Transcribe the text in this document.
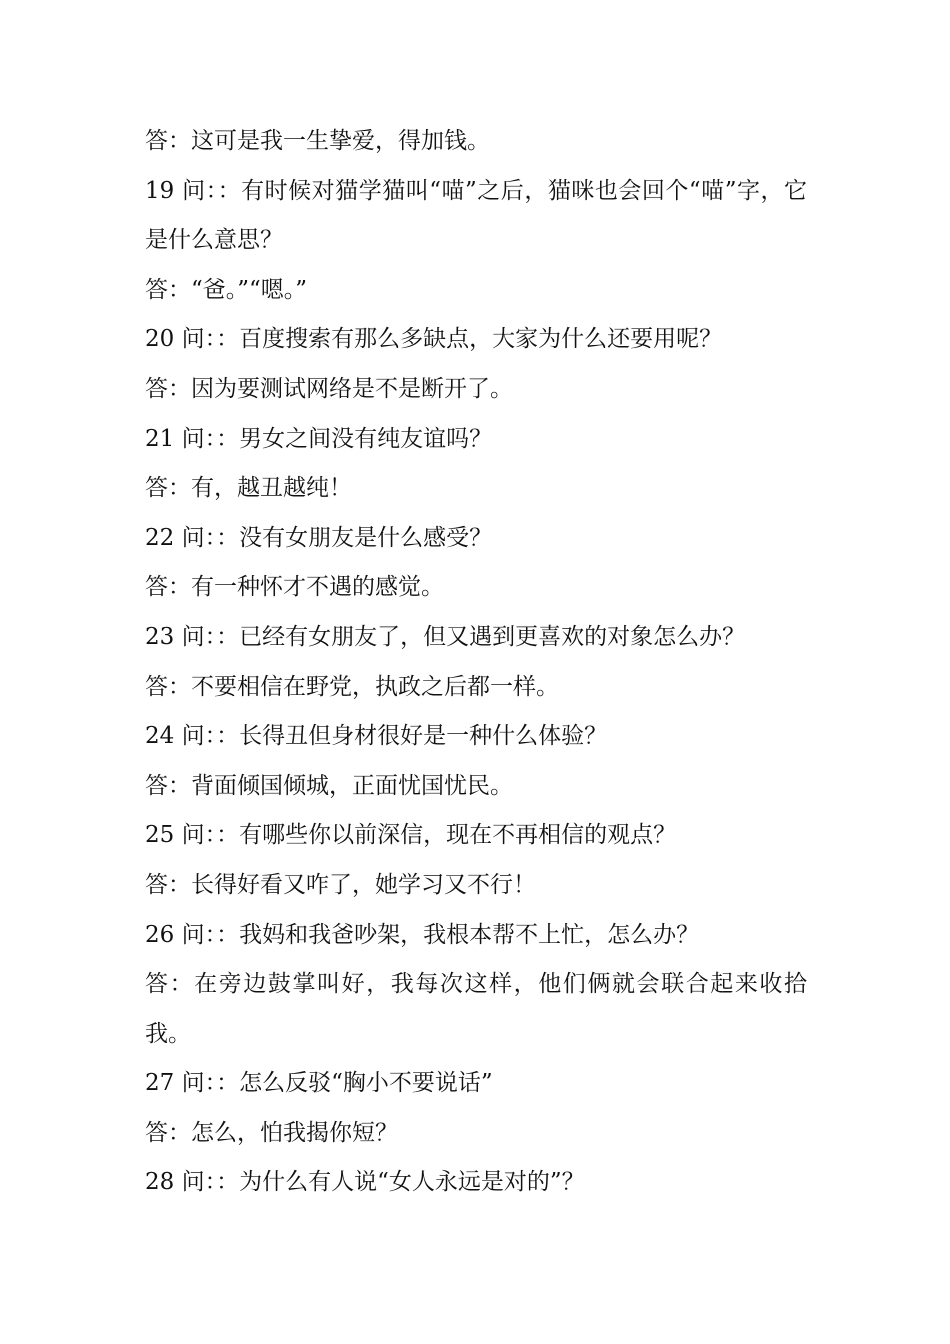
答：这可是我一生挚爱，得加钱。

19 问：：有时候对猫学猫叫“喵”之后，猫咪也会回个“喵”字，它是什么意思？

答：“爸。”“嗯。”

20 问：：百度搜索有那么多缺点，大家为什么还要用呢？

答：因为要测试网络是不是断开了。

21 问：：男女之间没有纯友谊吗？

答：有，越丑越纯！

22 问：：没有女朋友是什么感受？

答：有一种怀才不遇的感觉。

23 问：：已经有女朋友了，但又遇到更喜欢的对象怎么办？

答：不要相信在野党，执政之后都一样。

24 问：：长得丑但身材很好是一种什么体验？

答：背面倾国倾城，正面忧国忧民。

25 问：：有哪些你以前深信，现在不再相信的观点？

答：长得好看又咋了，她学习又不行！

26 问：：我妈和我爸吵架，我根本帮不上忙，怎么办？

答：在旁边鼓掌叫好，我每次这样，他们俩就会联合起来收拾我。

27 问：：怎么反驳“胸小不要说话”

答：怎么，怕我揭你短？

28 问：：为什么有人说“女人永远是对的”？
